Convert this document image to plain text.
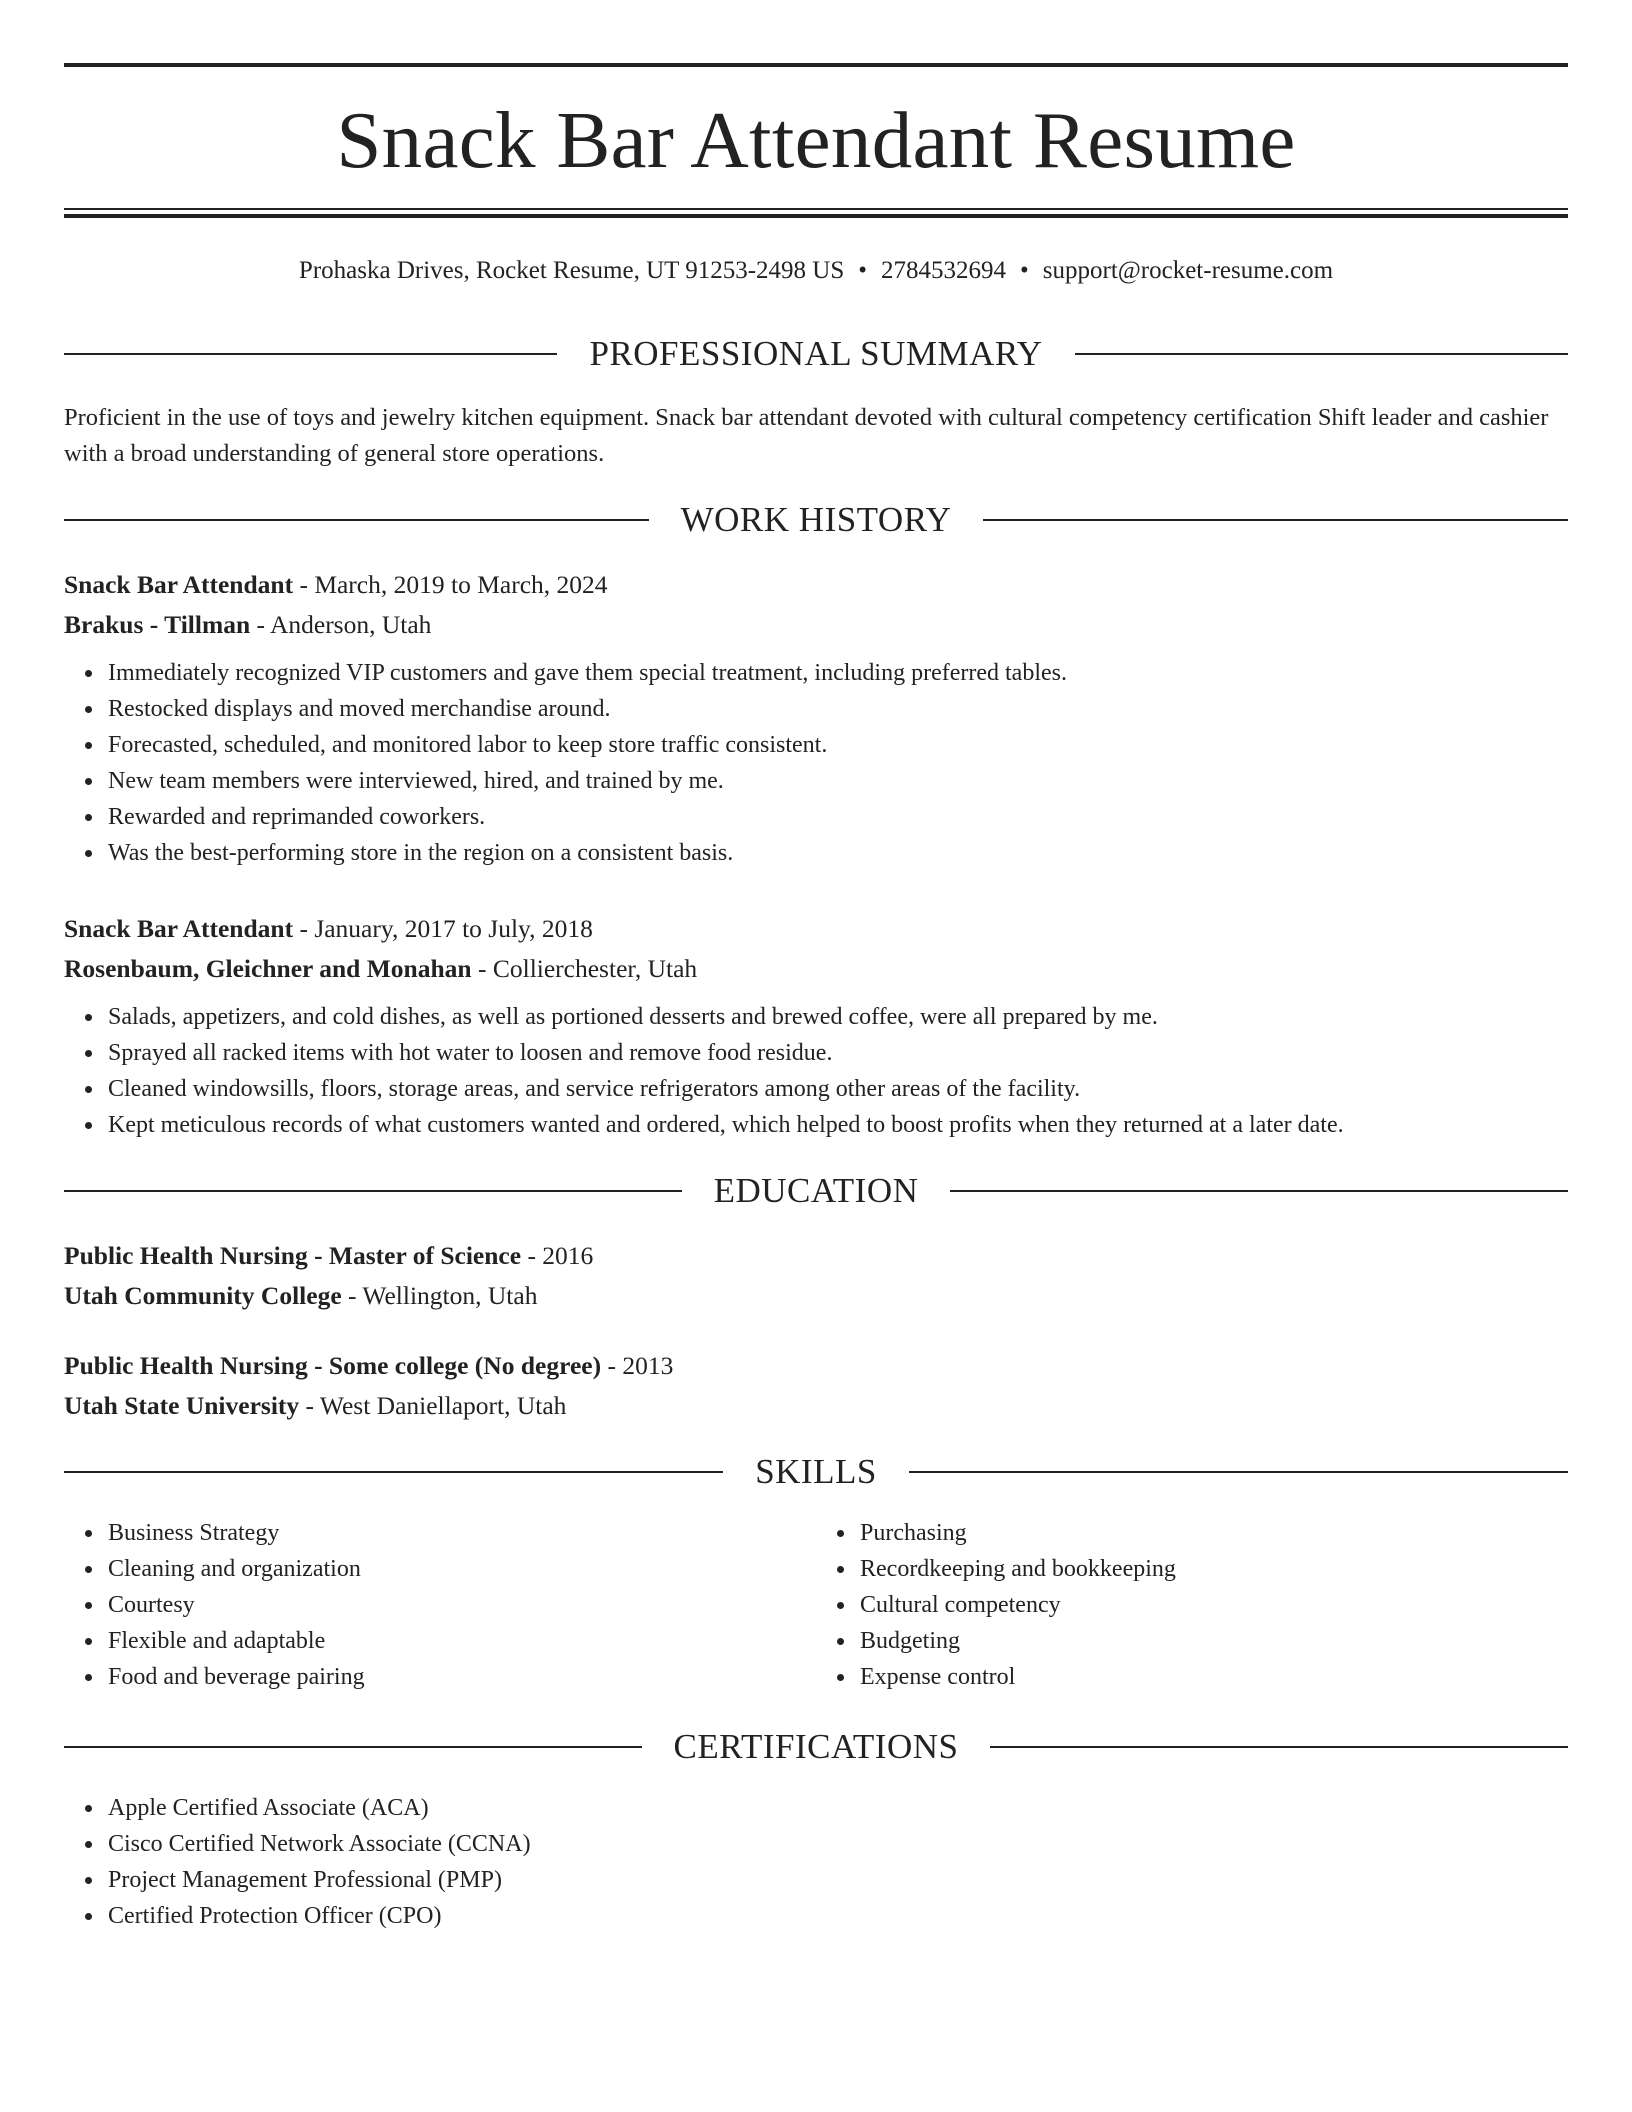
Snack Bar Attendant Resume
Prohaska Drives, Rocket Resume, UT 91253-2498 US • 2784532694 • support@rocket-resume.com
PROFESSIONAL SUMMARY
Proficient in the use of toys and jewelry kitchen equipment. Snack bar attendant devoted with cultural competency certification Shift leader and cashier with a broad understanding of general store operations.
WORK HISTORY
Snack Bar Attendant - March, 2019 to March, 2024
Brakus - Tillman - Anderson, Utah
Immediately recognized VIP customers and gave them special treatment, including preferred tables.
Restocked displays and moved merchandise around.
Forecasted, scheduled, and monitored labor to keep store traffic consistent.
New team members were interviewed, hired, and trained by me.
Rewarded and reprimanded coworkers.
Was the best-performing store in the region on a consistent basis.
Snack Bar Attendant - January, 2017 to July, 2018
Rosenbaum, Gleichner and Monahan - Collierchester, Utah
Salads, appetizers, and cold dishes, as well as portioned desserts and brewed coffee, were all prepared by me.
Sprayed all racked items with hot water to loosen and remove food residue.
Cleaned windowsills, floors, storage areas, and service refrigerators among other areas of the facility.
Kept meticulous records of what customers wanted and ordered, which helped to boost profits when they returned at a later date.
EDUCATION
Public Health Nursing - Master of Science - 2016
Utah Community College - Wellington, Utah
Public Health Nursing - Some college (No degree) - 2013
Utah State University - West Daniellaport, Utah
SKILLS
Business Strategy
Cleaning and organization
Courtesy
Flexible and adaptable
Food and beverage pairing
Purchasing
Recordkeeping and bookkeeping
Cultural competency
Budgeting
Expense control
CERTIFICATIONS
Apple Certified Associate (ACA)
Cisco Certified Network Associate (CCNA)
Project Management Professional (PMP)
Certified Protection Officer (CPO)
